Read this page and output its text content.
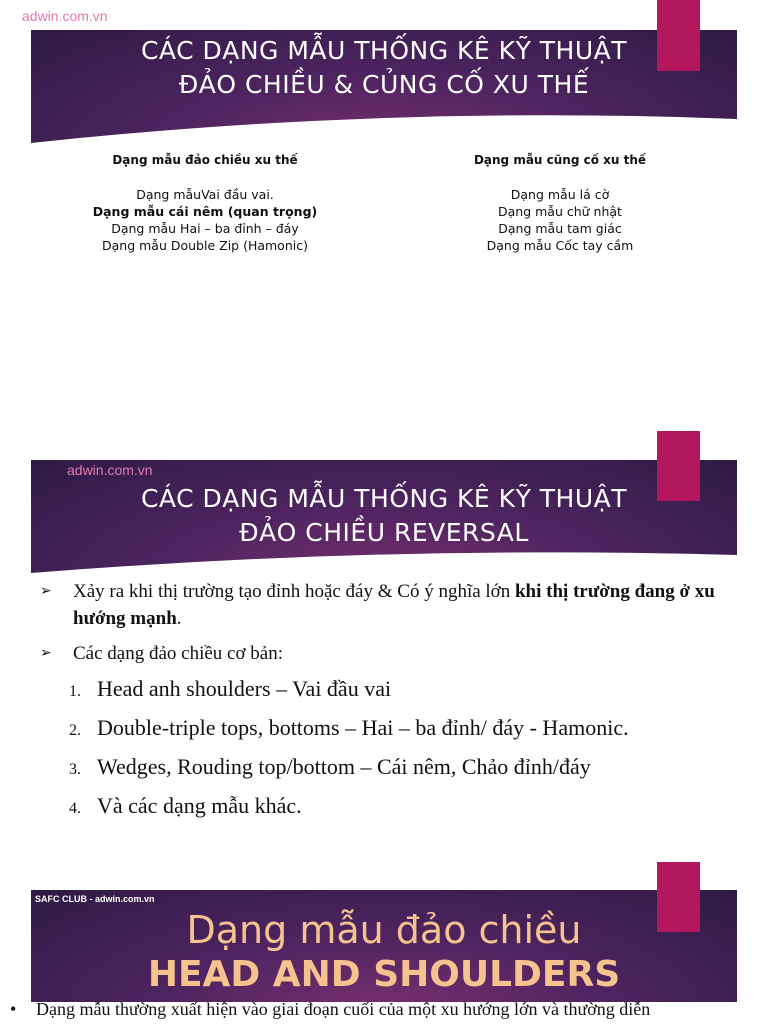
adwin.com.vn
CÁC DẠNG MẪU THỐNG KÊ KỸ THUẬT
ĐẢO CHIỀU & CỦNG CỐ XU THẾ
Dạng mẫu đảo chiều xu thế
Dạng mẫuVai đầu vai.
Dạng mẫu cái nêm (quan trọng)
Dạng mẫu Hai – ba đỉnh – đáy
Dạng mẫu Double Zip (Hamonic)
Dạng mẫu cũng cố xu thế
Dạng mẫu lá cờ
Dạng mẫu chữ nhật
Dạng mẫu tam giác
Dạng mẫu Cốc tay cầm
adwin.com.vn
CÁC DẠNG MẪU THỐNG KÊ KỸ THUẬT
ĐẢO CHIỀU REVERSAL
➢ Xảy ra khi thị trường tạo đỉnh hoặc đáy & Có ý nghĩa lớn khi thị trường đang ở xu hướng mạnh.
➢ Các dạng đảo chiều cơ bản:
1. Head anh shoulders – Vai đầu vai
2. Double-triple tops, bottoms – Hai – ba đỉnh/ đáy - Hamonic.
3. Wedges, Rouding top/bottom – Cái nêm, Chảo đỉnh/đáy
4. Và các dạng mẫu khác.
SAFC CLUB - adwin.com.vn
Dạng mẫu đảo chiều
HEAD AND SHOULDERS
• Dạng mẫu thường xuất hiện vào giai đoạn cuối của một xu hướng lớn và thường diễn
